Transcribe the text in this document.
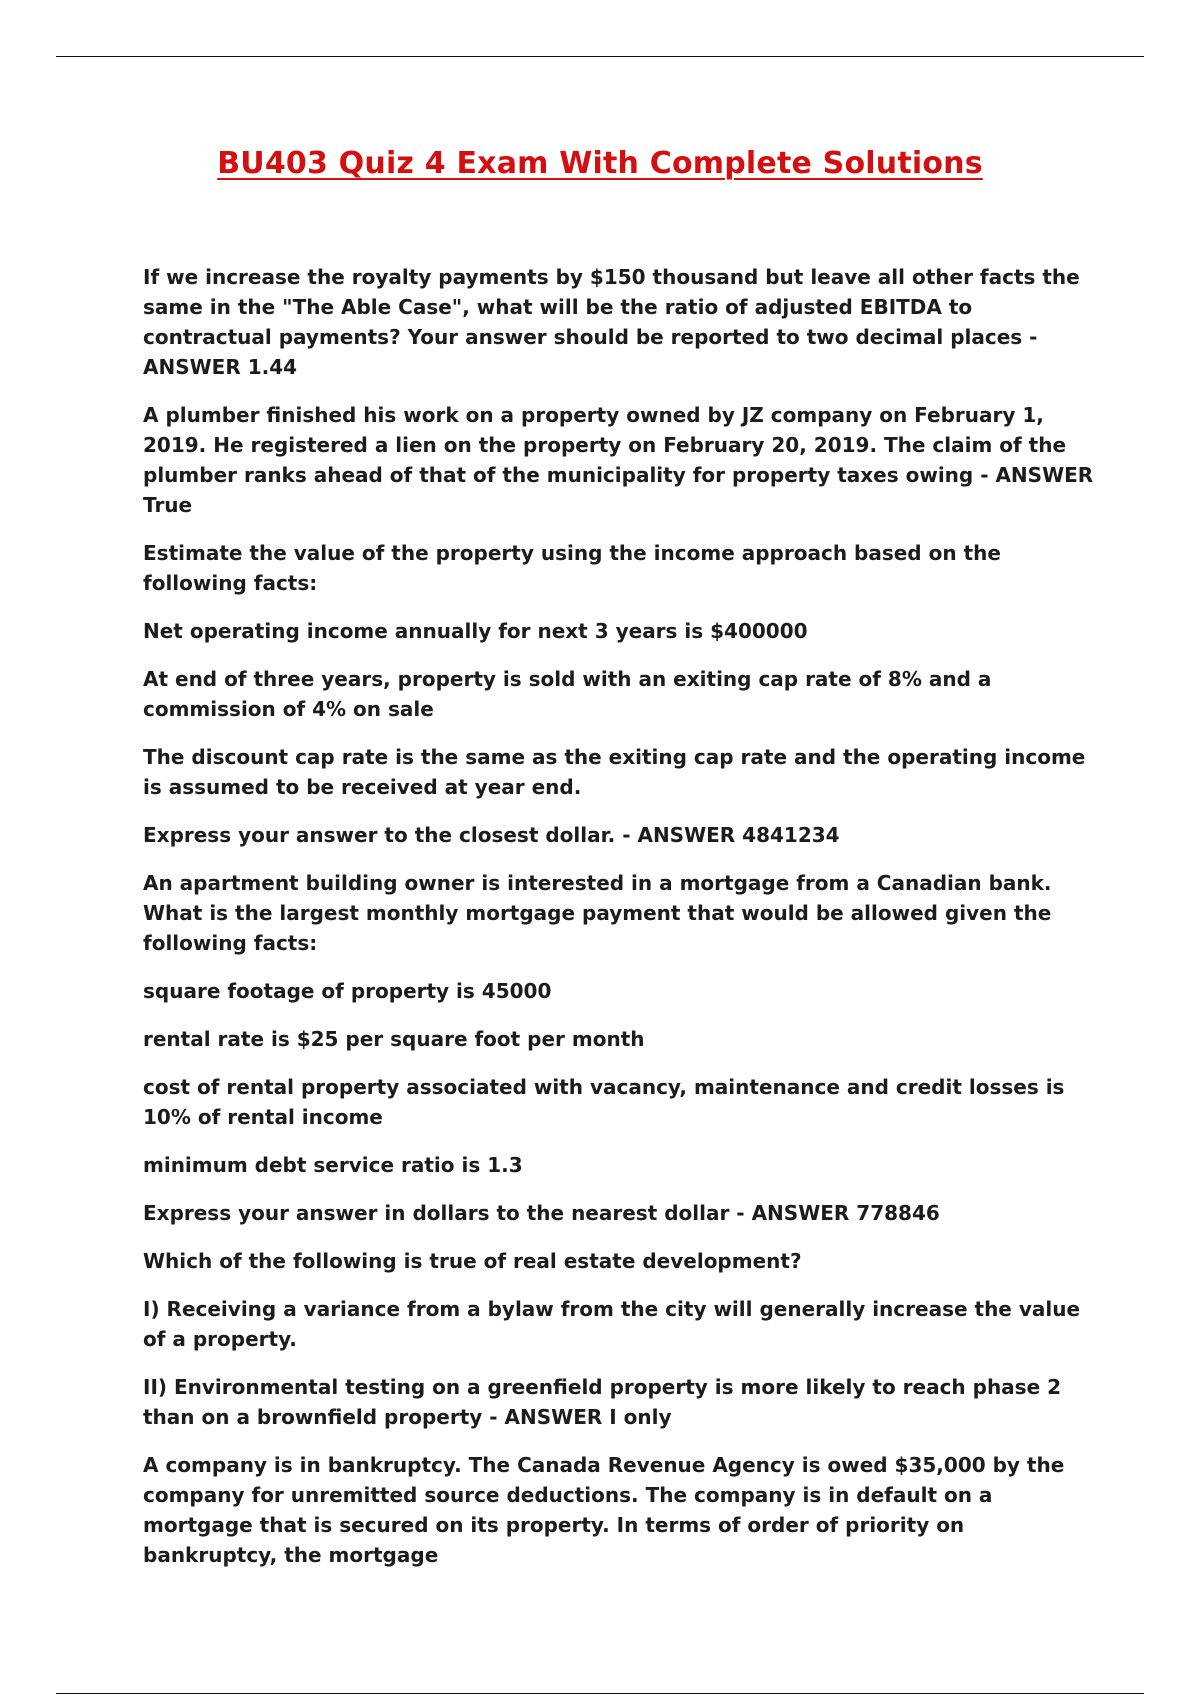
BU403 Quiz 4 Exam With Complete Solutions

If we increase the royalty payments by $150 thousand but leave all other facts the same in the "The Able Case", what will be the ratio of adjusted EBITDA to contractual payments? Your answer should be reported to two decimal places - ANSWER 1.44

A plumber finished his work on a property owned by JZ company on February 1, 2019. He registered a lien on the property on February 20, 2019. The claim of the plumber ranks ahead of that of the municipality for property taxes owing - ANSWER True

Estimate the value of the property using the income approach based on the following facts:

Net operating income annually for next 3 years is $400000

At end of three years, property is sold with an exiting cap rate of 8% and a commission of 4% on sale

The discount cap rate is the same as the exiting cap rate and the operating income is assumed to be received at year end.

Express your answer to the closest dollar. - ANSWER 4841234

An apartment building owner is interested in a mortgage from a Canadian bank. What is the largest monthly mortgage payment that would be allowed given the following facts:

square footage of property is 45000

rental rate is $25 per square foot per month

cost of rental property associated with vacancy, maintenance and credit losses is 10% of rental income

minimum debt service ratio is 1.3

Express your answer in dollars to the nearest dollar - ANSWER 778846

Which of the following is true of real estate development?

I) Receiving a variance from a bylaw from the city will generally increase the value of a property.

II) Environmental testing on a greenfield property is more likely to reach phase 2 than on a brownfield property - ANSWER I only

A company is in bankruptcy. The Canada Revenue Agency is owed $35,000 by the company for unremitted source deductions. The company is in default on a mortgage that is secured on its property. In terms of order of priority on bankruptcy, the mortgage
